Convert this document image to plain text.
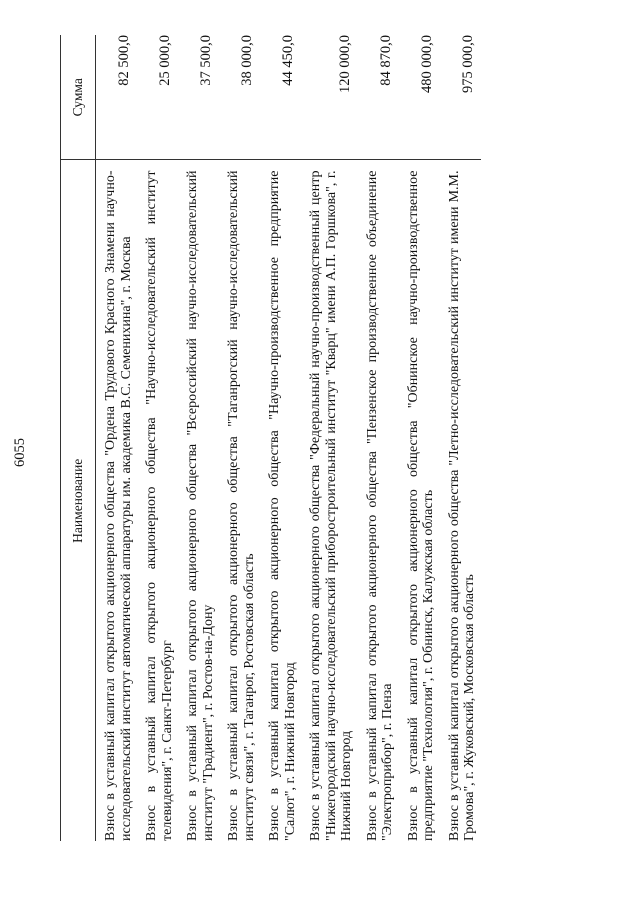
6055
Наименование	Сумма
Взнос в уставный капитал открытого акционерного общества "Ордена Трудового Красного Знамени научно-исследовательский институт автоматической аппаратуры им. академика В.С. Семенихина", г. Москва	82 500,0
Взнос в уставный капитал открытого акционерного общества "Научно-исследовательский институт телевидения", г. Санкт-Петербург	25 000,0
Взнос в уставный капитал открытого акционерного общества "Всероссийский научно-исследовательский институт "Градиент", г. Ростов-на-Дону	37 500,0
Взнос в уставный капитал открытого акционерного общества "Таганрогский научно-исследовательский институт связи", г. Таганрог, Ростовская область	38 000,0
Взнос в уставный капитал открытого акционерного общества "Научно-производственное предприятие "Салют", г. Нижний Новгород	44 450,0
Взнос в уставный капитал открытого акционерного общества "Федеральный научно-производственный центр "Нижегородский научно-исследовательский приборостроительный институт "Кварц" имени А.П. Горшкова", г. Нижний Новгород	120 000,0
Взнос в уставный капитал открытого акционерного общества "Пензенское производственное объединение "Электроприбор", г. Пенза	84 870,0
Взнос в уставный капитал открытого акционерного общества "Обнинское научно-производственное предприятие "Технология", г. Обнинск, Калужская область	480 000,0
Взнос в уставный капитал открытого акционерного общества "Летно-исследовательский институт имени М.М. Громова", г. Жуковский, Московская область	975 000,0
